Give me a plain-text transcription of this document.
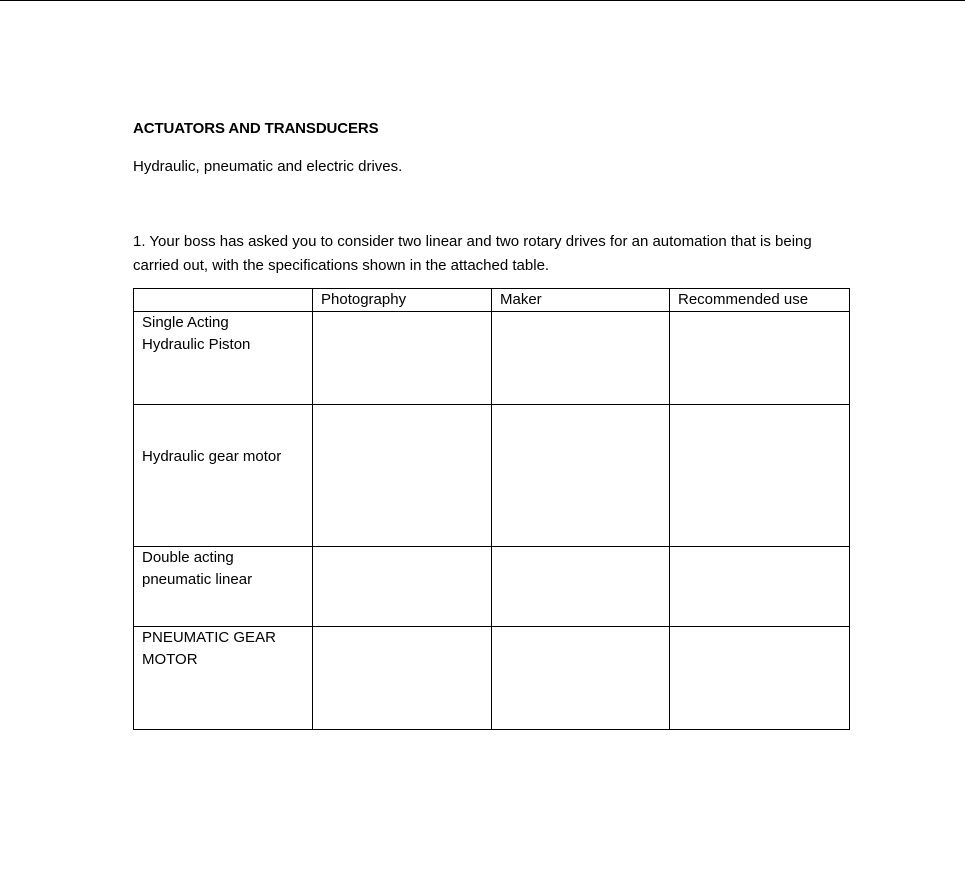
ACTUATORS AND TRANSDUCERS
Hydraulic, pneumatic and electric drives.

1. Your boss has asked you to consider two linear and two rotary drives for an automation that is being carried out, with the specifications shown in the attached table.

	Photography	Maker	Recommended use

Single Acting
Hydraulic Piston			

Hydraulic gear motor			

Double acting
pneumatic linear			

PNEUMATIC GEAR
MOTOR			
